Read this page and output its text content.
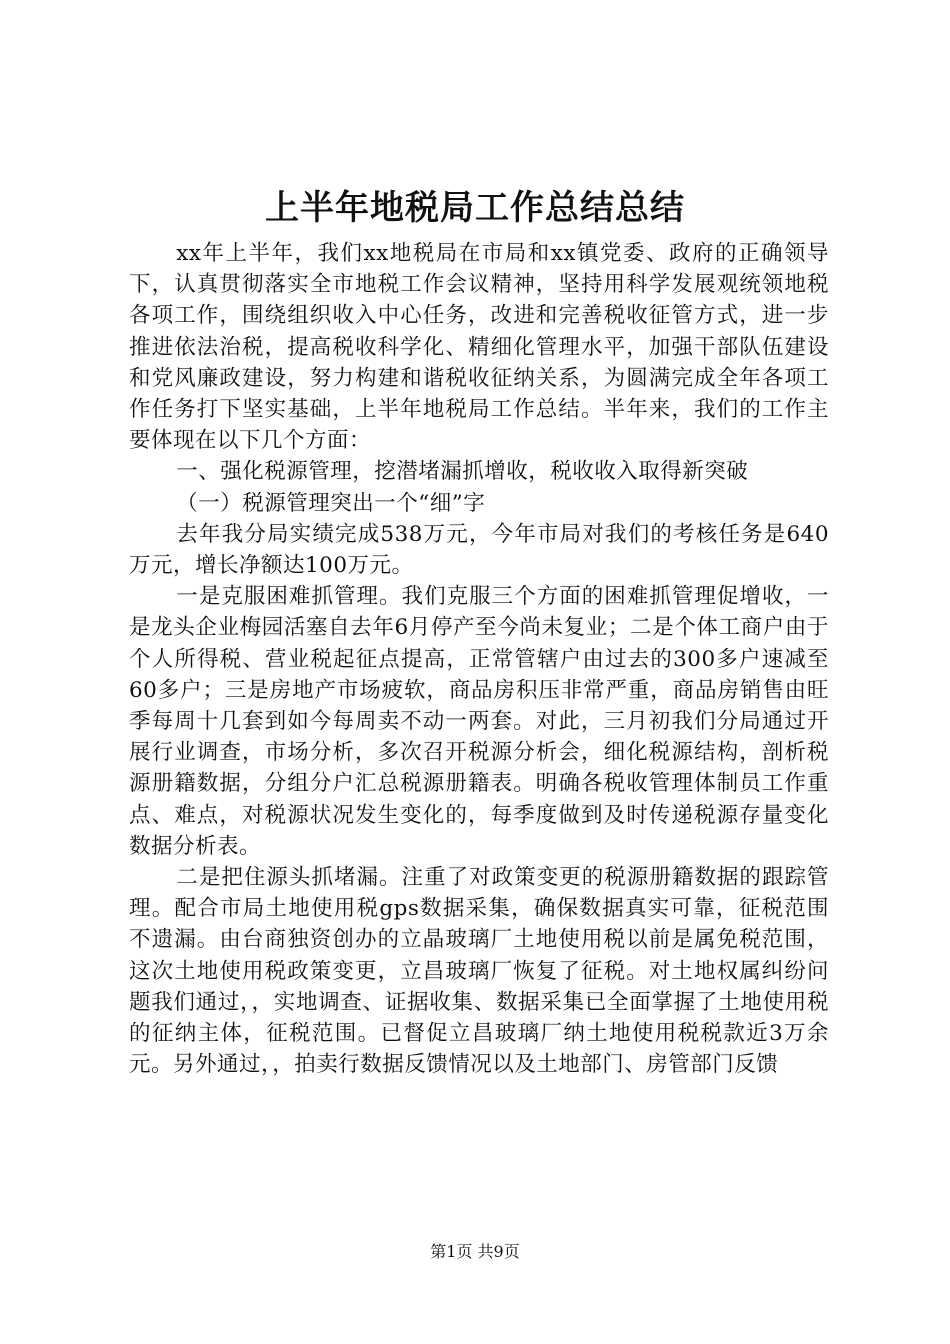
上半年地税局工作总结总结

xx年上半年，我们xx地税局在市局和xx镇党委、政府的正确领导下，认真贯彻落实全市地税工作会议精神，坚持用科学发展观统领地税各项工作，围绕组织收入中心任务，改进和完善税收征管方式，进一步推进依法治税，提高税收科学化、精细化管理水平，加强干部队伍建设和党风廉政建设，努力构建和谐税收征纳关系，为圆满完成全年各项工作任务打下坚实基础，上半年地税局工作总结。半年来，我们的工作主要体现在以下几个方面：

一、强化税源管理，挖潜堵漏抓增收，税收收入取得新突破

（一）税源管理突出一个“细”字

去年我分局实绩完成538万元，今年市局对我们的考核任务是640万元，增长净额达100万元。

一是克服困难抓管理。我们克服三个方面的困难抓管理促增收，一是龙头企业梅园活塞自去年6月停产至今尚未复业；二是个体工商户由于个人所得税、营业税起征点提高，正常管辖户由过去的300多户速减至60多户；三是房地产市场疲软，商品房积压非常严重，商品房销售由旺季每周十几套到如今每周卖不动一两套。对此，三月初我们分局通过开展行业调查，市场分析，多次召开税源分析会，细化税源结构，剖析税源册籍数据，分组分户汇总税源册籍表。明确各税收管理体制员工作重点、难点，对税源状况发生变化的，每季度做到及时传递税源存量变化数据分析表。

二是把住源头抓堵漏。注重了对政策变更的税源册籍数据的跟踪管理。配合市局土地使用税gps数据采集，确保数据真实可靠，征税范围不遗漏。由台商独资创办的立晶玻璃厂土地使用税以前是属免税范围，这次土地使用税政策变更，立昌玻璃厂恢复了征税。对土地权属纠纷问题我们通过，，实地调查、证据收集、数据采集已全面掌握了土地使用税的征纳主体，征税范围。已督促立昌玻璃厂纳土地使用税税款近3万余元。另外通过，，拍卖行数据反馈情况以及土地部门、房管部门反馈

第1页 共9页
